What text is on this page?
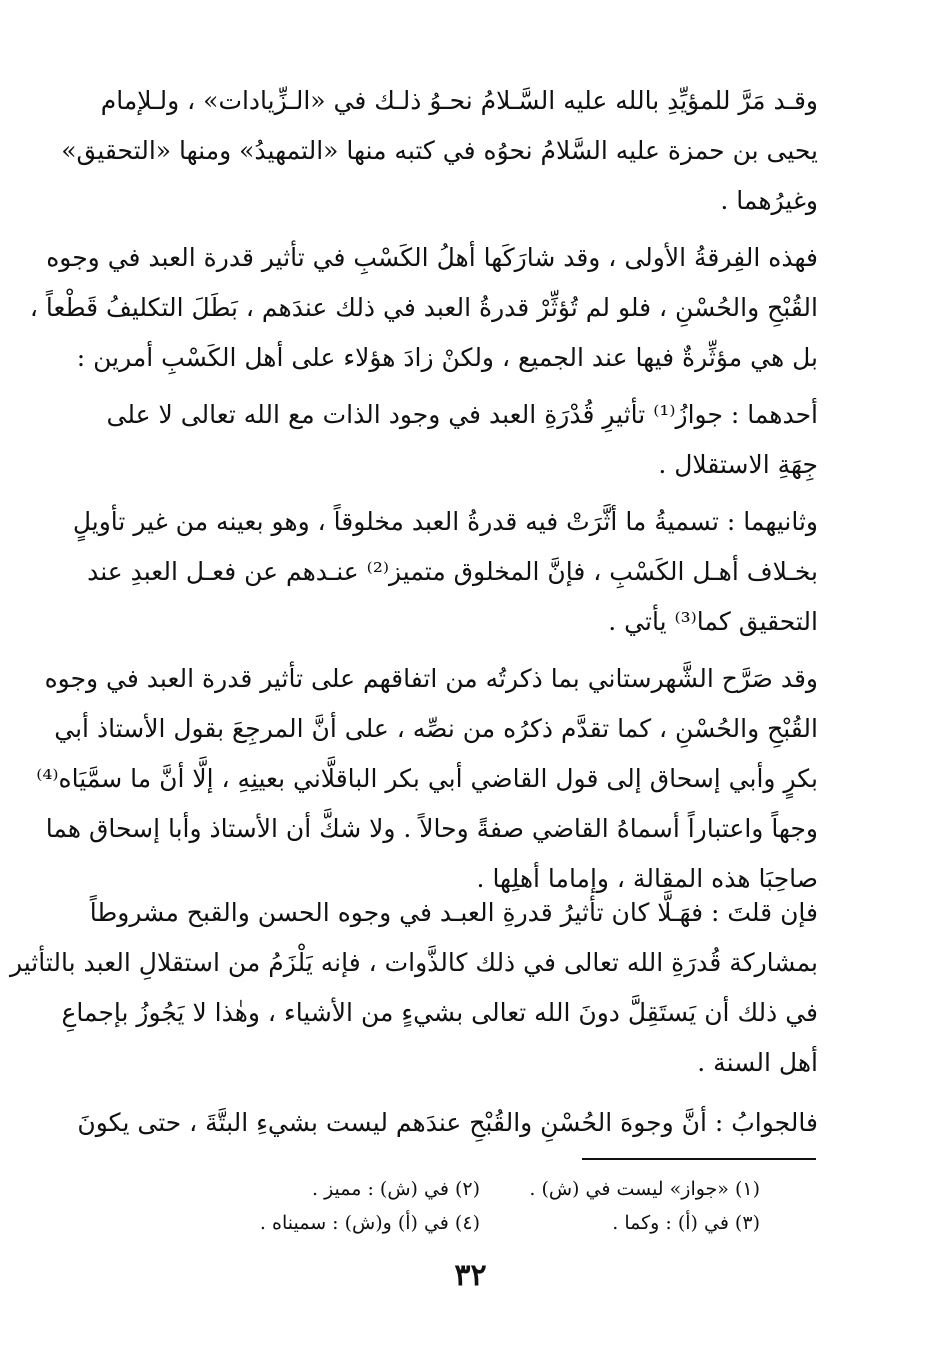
وقـد مَرَّ للمؤيِّدِ بالله عليه السَّـلامُ نحـوُ ذلـك في «الـزِّيادات» ، ولـلإمام
يحيى بن حمزة عليه السَّلامُ نحوُه في كتبه منها «التمهيدُ» ومنها «التحقيق»
وغيرُهما .
فهذه الفِرقةُ الأولى ، وقد شارَكَها أهلُ الكَسْبِ في تأثير قدرة العبد في وجوه
القُبْحِ والحُسْنِ ، فلو لم تُؤثِّرْ قدرةُ العبد في ذلك عندَهم ، بَطَلَ التكليفُ قَطْعاً ،
بل هي مؤثِّرةٌ فيها عند الجميع ، ولكنْ زادَ هؤلاء على أهل الكَسْبِ أمرين :
أحدهما : جوازُ⁽¹⁾ تأثيرِ قُدْرَةِ العبد في وجود الذات مع الله تعالى لا على
جِهَةِ الاستقلال .
وثانيهما : تسميةُ ما أثَّرَتْ فيه قدرةُ العبد مخلوقاً ، وهو بعينه من غير تأويلٍ
بخـلاف أهـل الكَسْبِ ، فإنَّ المخلوق متميز⁽²⁾ عنـدهم عن فعـل العبدِ عند
التحقيق كما⁽³⁾ يأتي .
وقد صَرَّح الشَّهرستاني بما ذكرتُه من اتفاقهم على تأثير قدرة العبد في وجوه
القُبْحِ والحُسْنِ ، كما تقدَّم ذكرُه من نصِّه ، على أنَّ المرجِعَ بقول الأستاذ أبي
بكرٍ وأبي إسحاق إلى قول القاضي أبي بكر الباقلَّاني بعينِهِ ، إلَّا أنَّ ما سمَّيَاه⁽⁴⁾
وجهاً واعتباراً أسماهُ القاضي صفةً وحالاً . ولا شكَّ أن الأستاذ وأبا إسحاق هما
صاحِبَا هذه المقالة ، وإماما أهلِها .
فإن قلتَ : فهَـلَّا كان تأثيرُ قدرةِ العبـد في وجوه الحسن والقبح مشروطاً
بمشاركة قُدرَةِ الله تعالى في ذلك كالذَّوات ، فإنه يَلْزَمُ من استقلالِ العبد بالتأثير
في ذلك أن يَستَقِلَّ دونَ الله تعالى بشيءٍ من الأشياء ، وهٰذا لا يَجُوزُ بإجماعِ
أهل السنة .
فالجوابُ : أنَّ وجوهَ الحُسْنِ والقُبْحِ عندَهم ليست بشيءِ البتَّةَ ، حتى يكونَ
(١) «جواز» ليست في (ش) .
(٢) في (ش) : مميز .
(٣) في (أ) : وكما .
(٤) في (أ) و(ش) : سميناه .
٣٢
